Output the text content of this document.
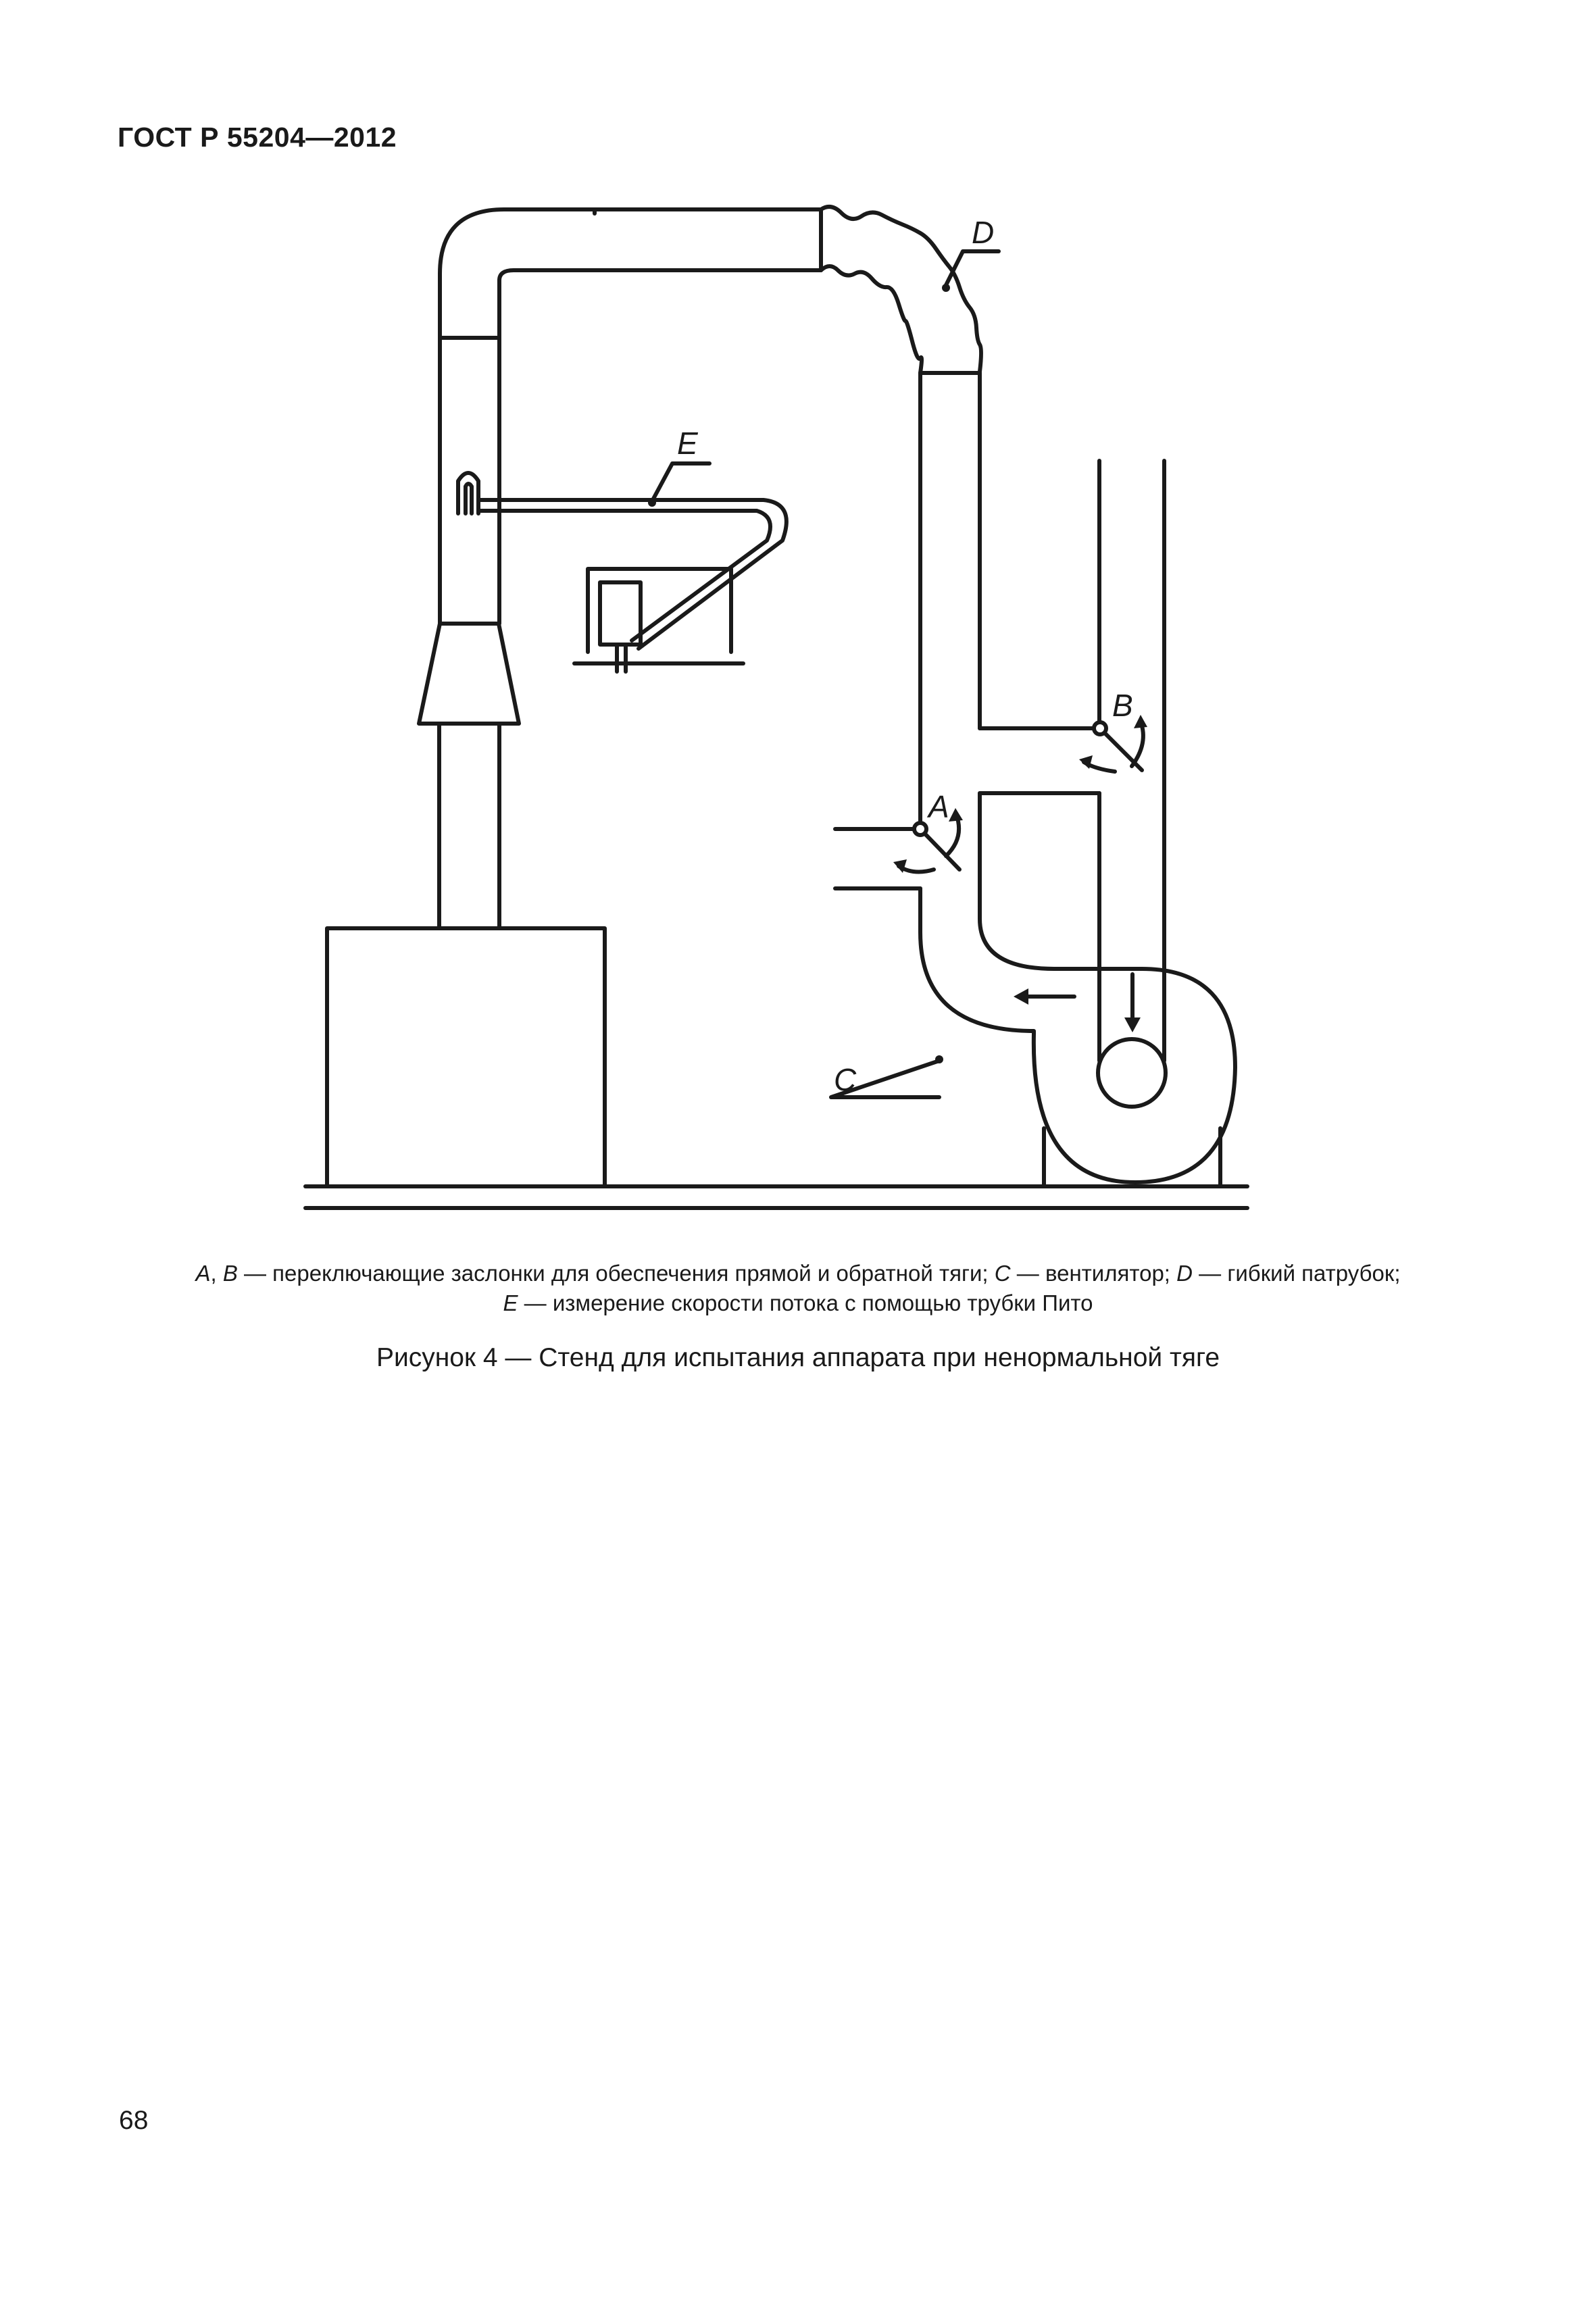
ГОСТ Р 55204—2012
D
E
B
A
C
A, B — переключающие заслонки для обеспечения прямой и обратной тяги; C — вентилятор; D — гибкий патрубок;
E — измерение скорости потока с помощью трубки Пито
Рисунок 4 — Стенд для испытания аппарата при ненормальной тяге
68
